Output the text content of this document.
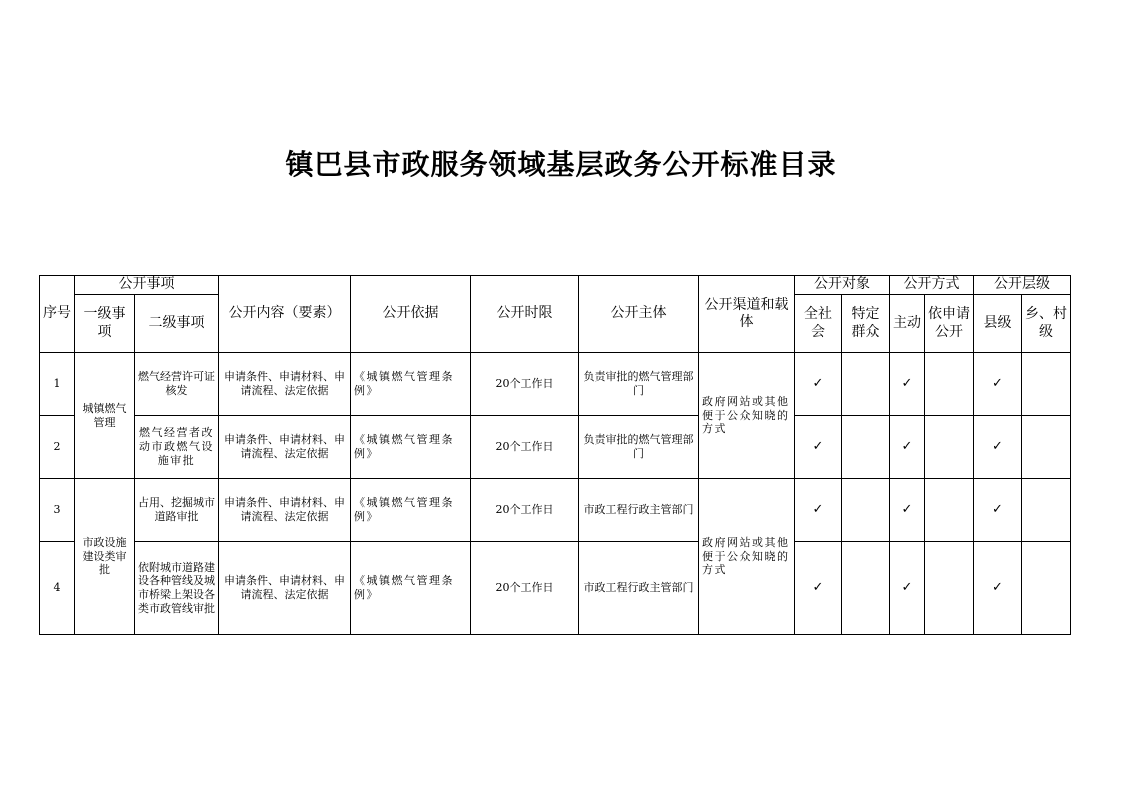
镇巴县市政服务领域基层政务公开标准目录
序号	公开事项		公开内容（要素）	公开依据	公开时限	公开主体	公开渠道和载体	公开对象		公开方式		公开层级	
	一级事项	二级事项						全社会	特定群众	主动	依申请公开	县级	乡、村级
1	城镇燃气管理	燃气经营许可证核发	申请条件、申请材料、申请流程、法定依据	《城镇燃气管理条例》	20个工作日	负责审批的燃气管理部门	政府网站或其他便于公众知晓的方式	✓		✓		✓	
2		燃气经营者改动市政燃气设施审批	申请条件、申请材料、申请流程、法定依据	《城镇燃气管理条例》	20个工作日	负责审批的燃气管理部门		✓		✓		✓	
3	市政设施建设类审批	占用、挖掘城市道路审批	申请条件、申请材料、申请流程、法定依据	《城镇燃气管理条例》	20个工作日	市政工程行政主管部门	政府网站或其他便于公众知晓的方式	✓		✓		✓	
4		依附城市道路建设各种管线及城市桥梁上架设各类市政管线审批	申请条件、申请材料、申请流程、法定依据	《城镇燃气管理条例》	20个工作日	市政工程行政主管部门		✓		✓		✓	
